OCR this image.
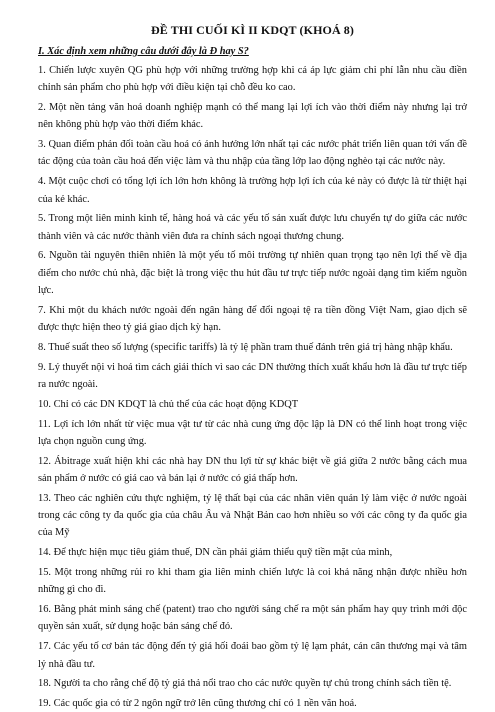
ĐỀ THI CUỐI KÌ II KDQT (KHOÁ 8)
I. Xác định xem những câu dưới đây là Đ hay S?

1. Chiến lược xuyên QG phù hợp với những trường hợp khi cả áp lực giảm chi phí lẫn nhu cầu điền chỉnh sản phẩm cho phù hợp với điều kiện tại chỗ đều ko cao.

2. Một nền tảng văn hoá doanh nghiệp mạnh có thể mang lại lợi ích vào thời điểm này nhưng lại trở nên không phù hợp vào thời điểm khác.

3. Quan điểm phản đối toàn cầu hoá có ảnh hưởng lớn nhất tại các nước phát triển liên quan tới vấn đề tác động của toàn cầu hoá đến việc làm và thu nhập của tầng lớp lao động nghèo tại các nước này.

4. Một cuộc chơi có tổng lợi ích lớn hơn không là trường hợp lợi ích của kẻ này có được là từ thiệt hại của kẻ khác.

5. Trong một liên minh kinh tế, hàng hoá và các yếu tố sản xuất được lưu chuyển tự do giữa các nước thành viên và các nước thành viên đưa ra chính sách ngoại thương chung.

6. Nguồn tài nguyên thiên nhiên là một yếu tố môi trường tự nhiên quan trọng tạo nên lợi thế về địa điểm cho nước chủ nhà, đặc biệt là trong việc thu hút đầu tư trực tiếp nước ngoài dạng tìm kiếm nguồn lực.

7. Khi một du khách nước ngoài đến ngân hàng để đổi ngoại tệ ra tiền đồng Việt Nam, giao dịch sẽ được thực hiện theo tỷ giá giao dịch kỳ hạn.

8. Thuế suất theo số lượng (specific tariffs) là tỷ lệ phần tram thuế đánh trên giá trị hàng nhập khẩu.

9. Lý thuyết nội vi hoá tìm cách giải thích vì sao các DN thường thích xuất khẩu hơn là đầu tư trực tiếp ra nước ngoài.

10. Chỉ có các DN KDQT là chủ thể của các hoạt động KDQT

11. Lợi ích lớn nhất từ việc mua vật tư từ các nhà cung ứng độc lập là DN có thể linh hoạt trong việc lựa chọn nguồn cung ứng.

12. Ábitrage xuất hiện khi các nhà hay DN thu lợi từ sự khác biệt về giá giữa 2 nước bằng cách mua sản phẩm ở nước có giá cao và bán lại ở nước có giá thấp hơn.

13. Theo các nghiên cứu thực nghiệm, tỷ lệ thất bại của các nhân viên quản lý làm việc ở nước ngoài trong các công ty đa quốc gia của châu Âu và Nhật Bản cao hơn nhiều so với các công ty đa quốc gia của Mỹ

14. Để thực hiện mục tiêu giảm thuế, DN cần phải giảm thiểu quỹ tiền mặt của mình,

15. Một trong những rủi ro khi tham gia liên minh chiến lược là coi khả năng nhận được nhiều hơn những gì cho đi.

16. Bằng phát minh sáng chế (patent) trao cho người sáng chế ra một sản phẩm hay quy trình mới độc quyền sản xuất, sử dụng hoặc bán sáng chế đó.

17. Các yếu tố cơ bản tác động đến tỷ giá hối đoái bao gồm tỷ lệ lạm phát, cán cân thương mại và tâm lý nhà đầu tư.

18. Người ta cho rằng chế độ tỷ giá thả nổi trao cho các nước quyền tự chủ trong chính sách tiền tệ.

19. Các quốc gia có từ 2 ngôn ngữ trở lên cũng thương chỉ có 1 nền văn hoá.
